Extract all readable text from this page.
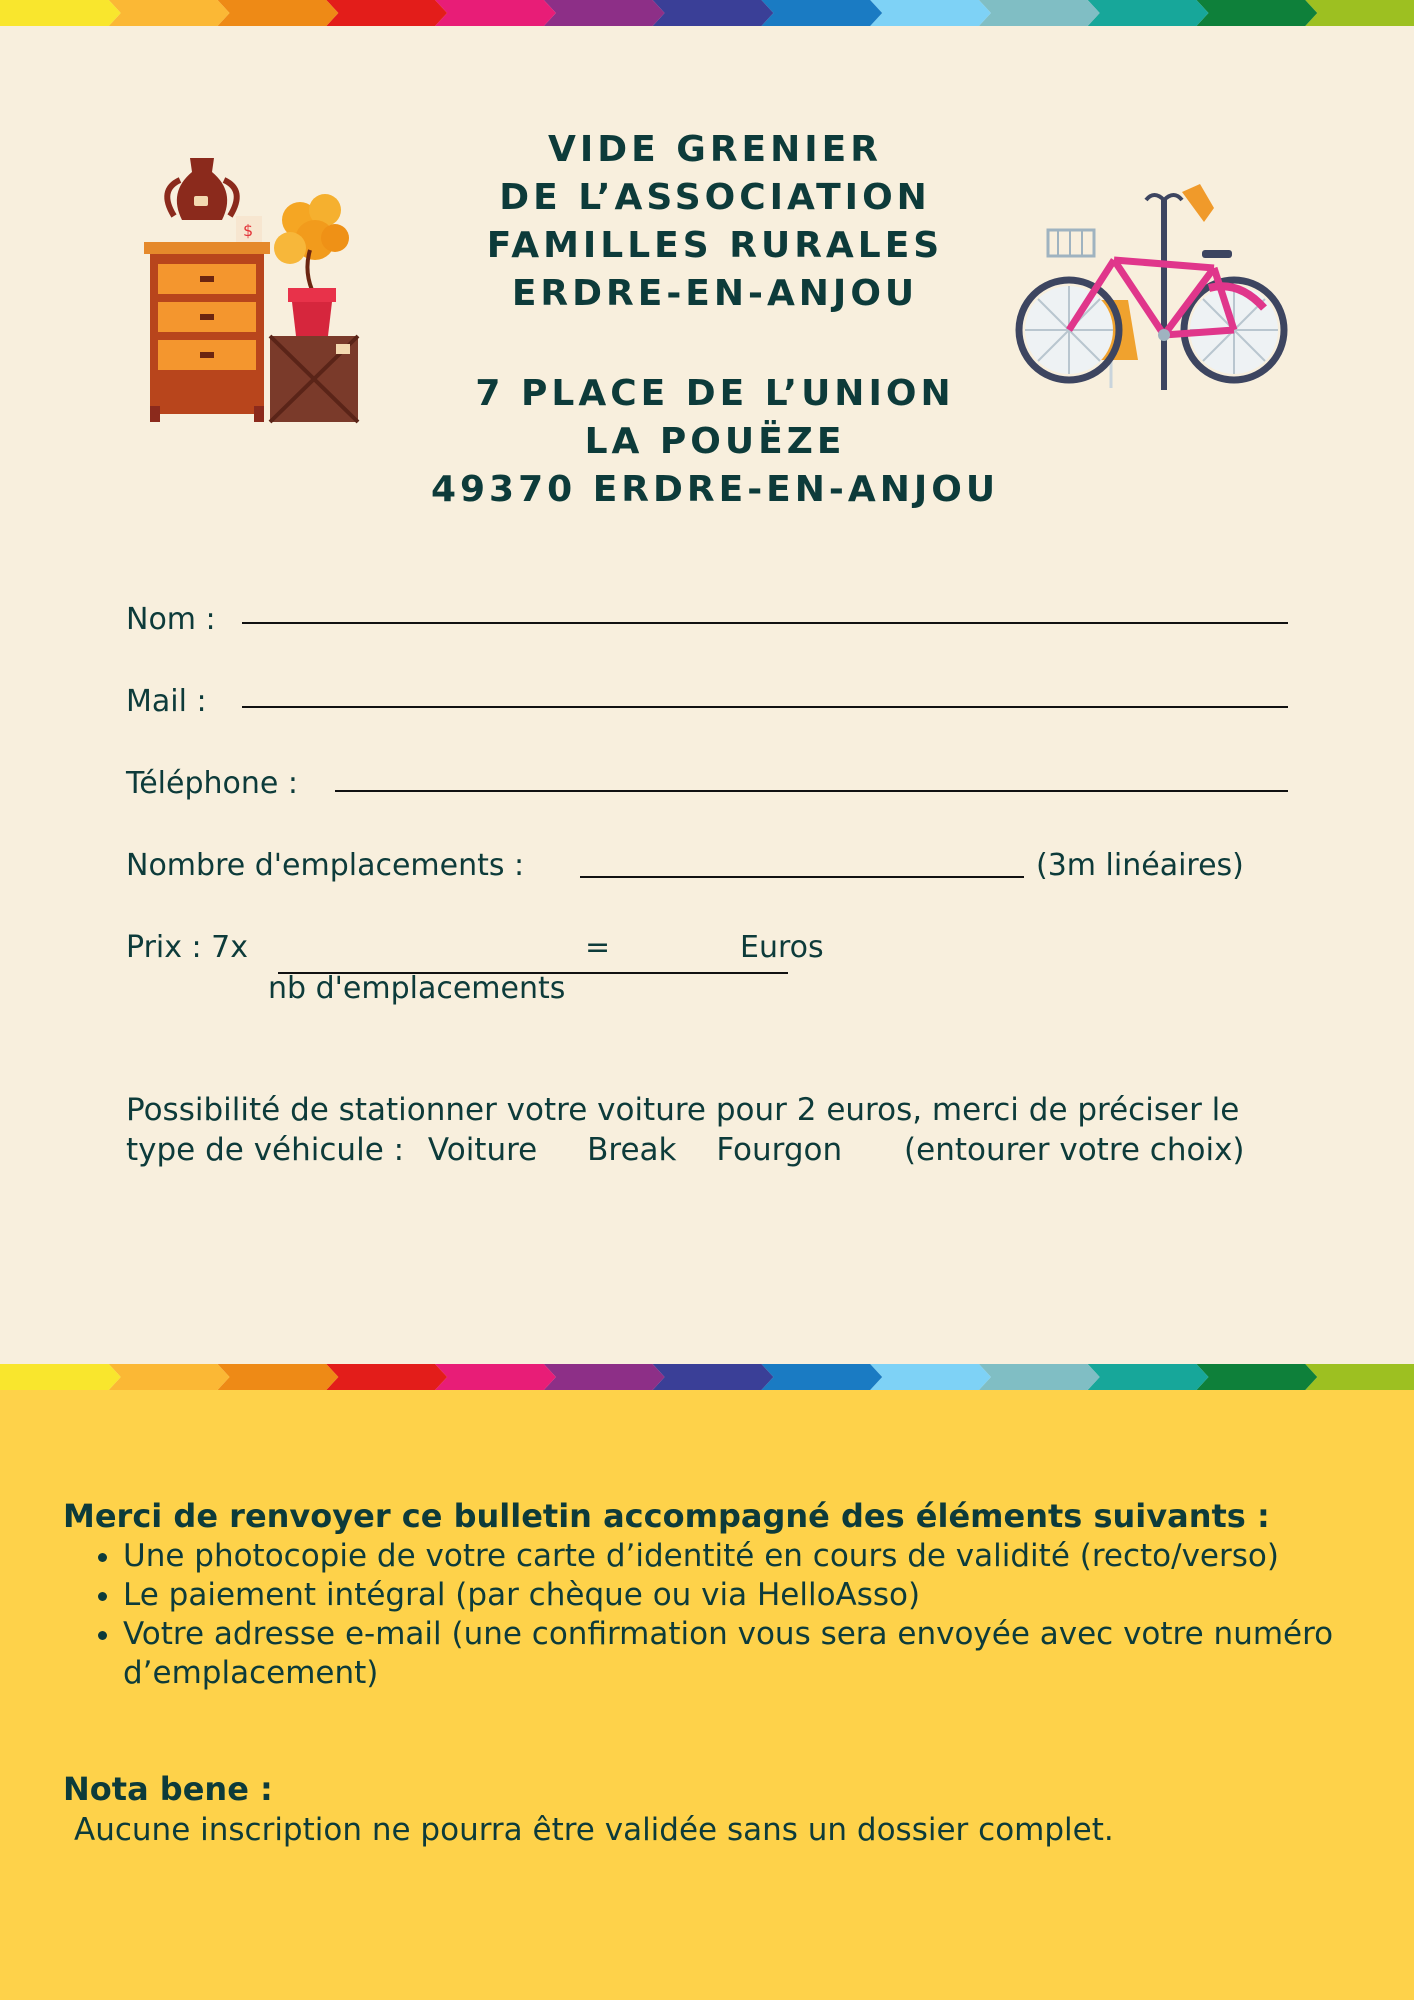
VIDE GRENIER
DE L’ASSOCIATION
FAMILLES RURALES
ERDRE-EN-ANJOU
7 PLACE DE L’UNION
LA POUËZE
49370 ERDRE-EN-ANJOU
$
Nom :
Mail :
Téléphone :
Nombre d'emplacements :	(3m linéaires)
Prix : 7x	=	Euros
nb d'emplacements
Possibilité de stationner votre voiture pour 2 euros, merci de préciser le
type de véhicule : Voiture Break Fourgon (entourer votre choix)
Merci de renvoyer ce bulletin accompagné des éléments suivants :
• Une photocopie de votre carte d’identité en cours de validité (recto/verso)
• Le paiement intégral (par chèque ou via HelloAsso)
• Votre adresse e-mail (une confirmation vous sera envoyée avec votre numéro d’emplacement)
Nota bene :
Aucune inscription ne pourra être validée sans un dossier complet.
